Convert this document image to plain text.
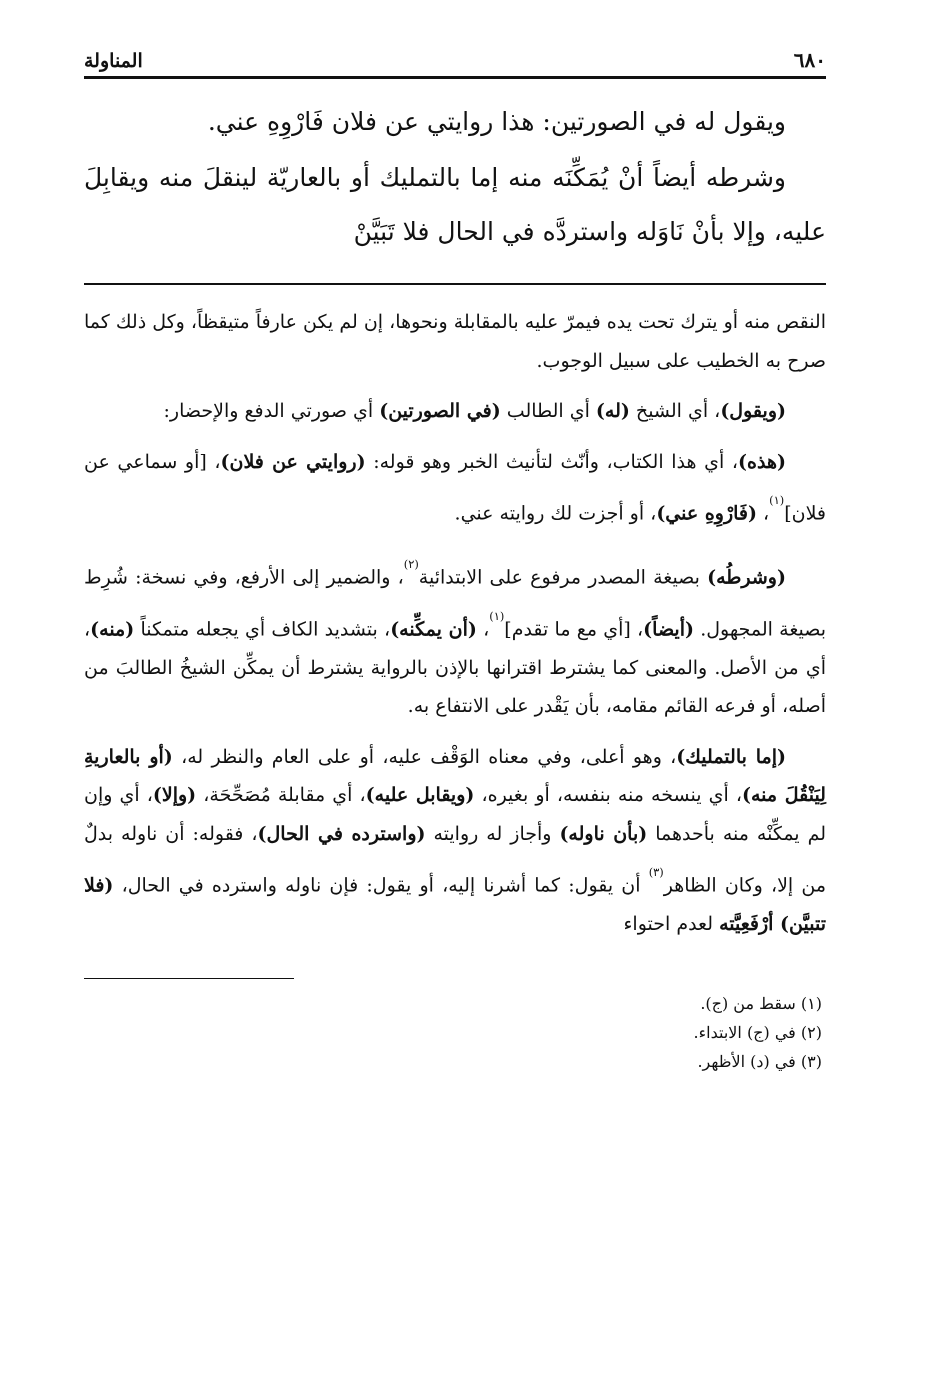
٦٨٠
المناولة

ويقول له في الصورتين: هذا روايتي عن فلان فَارْوِهِ عني.

وشرطه أيضاً أنْ يُمَكِّنَه منه إما بالتمليك أو بالعاريّة لينقلَ منه ويقابِلَ عليه، وإلا بأنْ نَاوَله واستردَّه في الحال فلا تَبَيَّنْ

النقص منه أو يترك تحت يده فيمرّ عليه بالمقابلة ونحوها، إن لم يكن عارفاً متيقظاً، وكل ذلك كما صرح به الخطيب على سبيل الوجوب.

(ويقول)، أي الشيخ (له) أي الطالب (في الصورتين) أي صورتي الدفع والإحضار:

(هذه)، أي هذا الكتاب، وأنّث لتأنيث الخبر وهو قوله: (روايتي عن فلان)، [أو سماعي عن فلان]$^{(١)}$، (فَارْوِهِ عني)، أو أجزت لك روايته عني.

(وشرطُه) بصيغة المصدر مرفوع على الابتدائية$^{(٢)}$، والضمير إلى الأرفع، وفي نسخة: شُرِط بصيغة المجهول. (أيضاً)، [أي مع ما تقدم]$^{(١)}$، (أن يمكِّنه)، بتشديد الكاف أي يجعله متمكناً (منه)، أي من الأصل. والمعنى كما يشترط اقترانها بالإذن بالرواية يشترط أن يمكِّن الشيخُ الطالبَ من أصله، أو فرعه القائم مقامه، بأن يَقْدر على الانتفاع به.

(إما بالتمليك)، وهو أعلى، وفي معناه الوَقْف عليه، أو على العام والنظر له، (أو بالعاريةِ لِيَنْقُلَ منه)، أي ينسخه منه بنفسه، أو بغيره، (ويقابل عليه)، أي مقابلة مُصَحِّحَة، (وإلا)، أي وإن لم يمكِّنْه منه بأحدهما (بأن ناوله) وأجاز له روايته (واسترده في الحال)، فقوله: أن ناوله بدلٌ من إلا، وكان الظاهر$^{(٣)}$ أن يقول: كما أشرنا إليه، أو يقول: فإن ناوله واسترده في الحال، (فلا تتبيَّن) أرْفَعِيَّته لعدم احتواء

(١) سقط من (ج).
(٢) في (ج) الابتداء.
(٣) في (د) الأظهر.
